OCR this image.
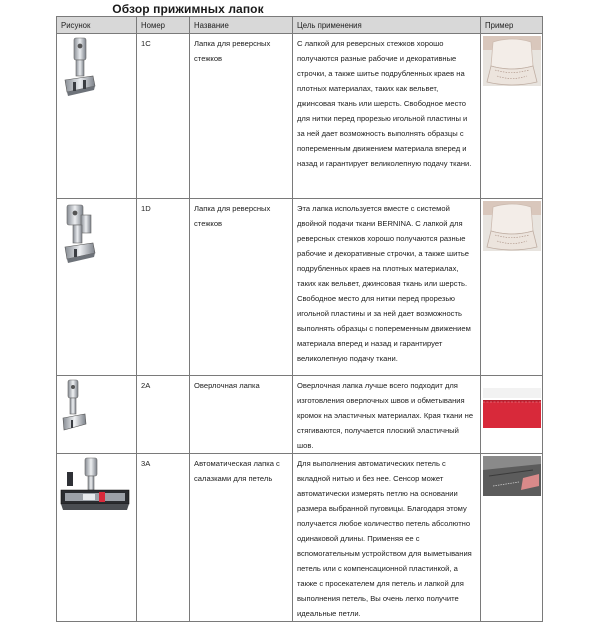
Обзор прижимных лапок
Рисунок	Номер	Название	Цель применения	Пример

	1C	Лапка для реверсных стежков	С лапкой для реверсных стежков хорошо получаются разные рабочие и декоративные строчки, а также шитье подрубленных краев на плотных материалах, таких как вельвет, джинсовая ткань или шерсть. Свободное место для нитки перед прорезью игольной пластины и за ней дает возможность выполнять образцы с попеременным движением материала вперед и назад и гарантирует великолепную подачу ткани.	

	1D	Лапка для реверсных стежков	Эта лапка используется вместе с системой двойной подачи ткани BERNINA. С лапкой для реверсных стежков хорошо получаются разные рабочие и декоративные строчки, а также шитье подрубленных краев на плотных материалах, таких как вельвет, джинсовая ткань или шерсть. Свободное место для нитки перед прорезью игольной пластины и за ней дает возможность выполнять образцы с попеременным движением материала вперед и назад и гарантирует великолепную подачу ткани.	

	2A	Оверлочная лапка	Оверлочная лапка лучше всего подходит для изготовления оверлочных швов и обметывания кромок на эластичных материалах. Края ткани не стягиваются, получается плоский эластичный шов.	

	3A	Автоматическая лапка с салазками для петель	Для выполнения автоматических петель с вкладной нитью и без нее. Сенсор может автоматически измерять петлю на основании размера выбранной пуговицы. Благодаря этому получается любое количество петель абсолютно одинаковой длины. Применяя ее с вспомогательным устройством для выметывания петель или с компенсационной пластинкой, а также с просекателем для петель и лапкой для выполнения петель, Вы очень легко получите идеальные петли.	
